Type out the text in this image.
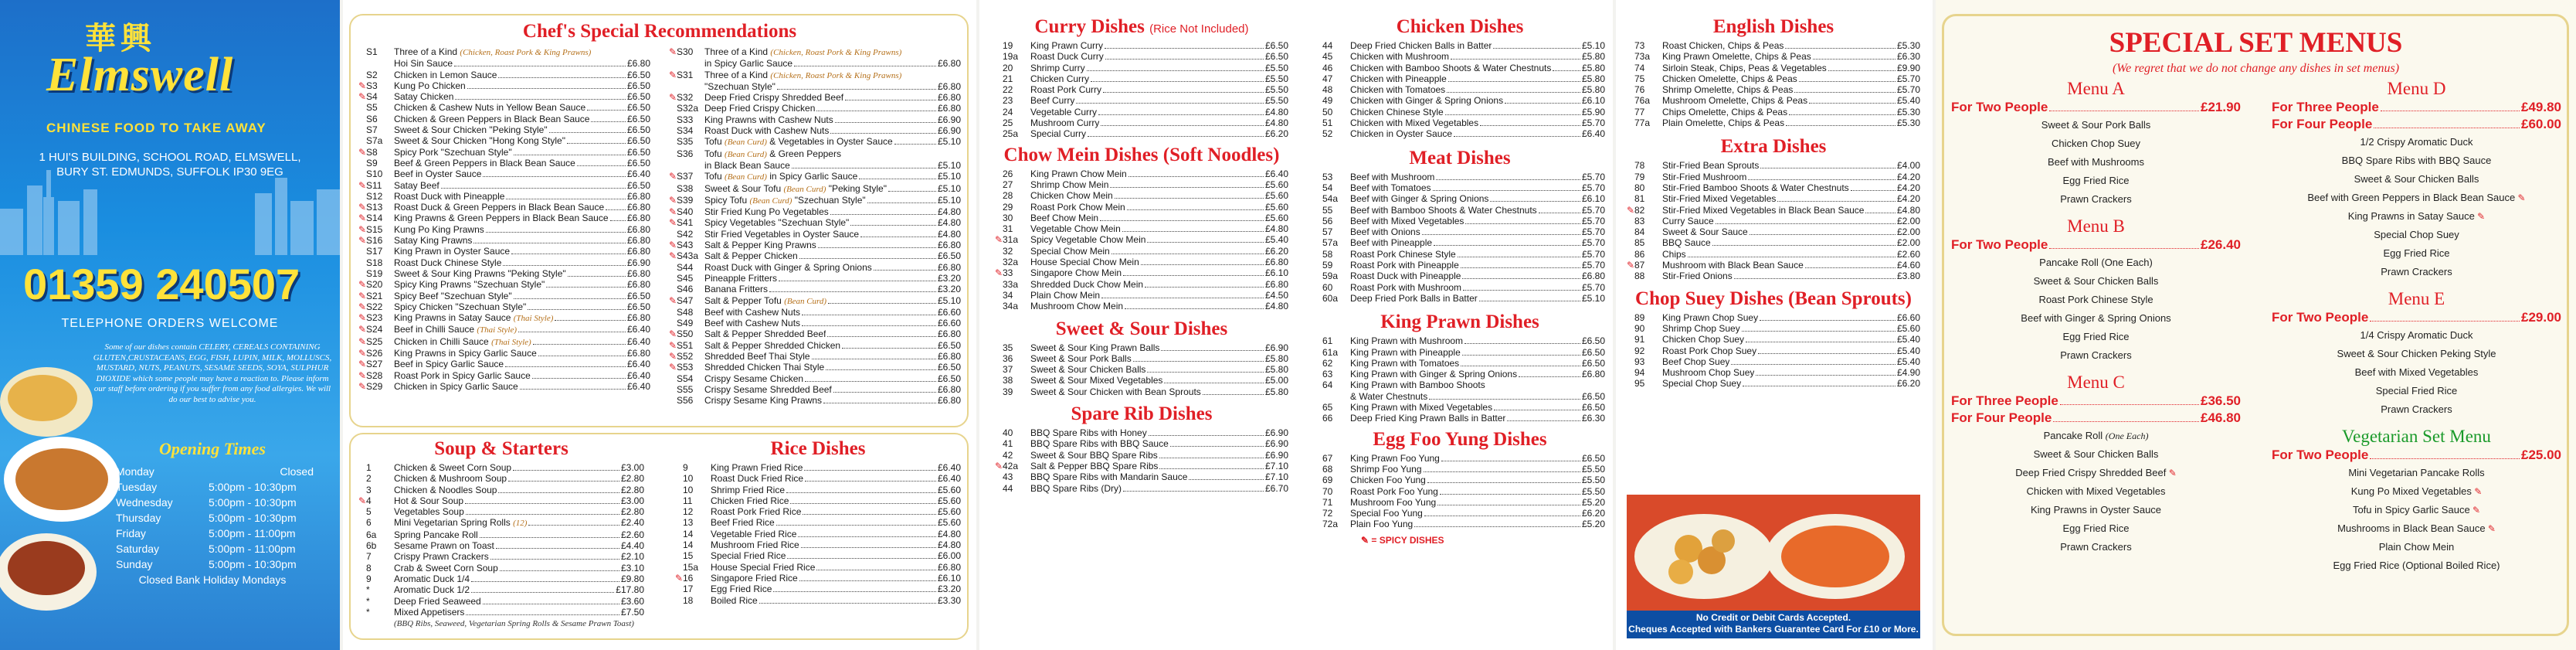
華興
Elmswell
CHINESE FOOD TO TAKE AWAY
1 HUI'S BUILDING, SCHOOL ROAD, ELMSWELL,
BURY ST. EDMUNDS, SUFFOLK IP30 9EG
01359 240507
TELEPHONE ORDERS WELCOME
Some of our dishes contain CELERY, CEREALS CONTAINING GLUTEN,CRUSTACEANS, EGG, FISH, LUPIN, MILK, MOLLUSCS, MUSTARD, NUTS, PEANUTS, SESAME SEEDS, SOYA, SULPHUR DIOXIDE which some people may have a reaction to. Please inform our staff before ordering if you suffer from any food allergies. We will do our best to advise you.
Opening Times
Monday	Closed
Tuesday	5:00pm - 10:30pm
Wednesday	5:00pm - 10:30pm
Thursday	5:00pm - 10:30pm
Friday	5:00pm - 11:00pm
Saturday	5:00pm - 11:00pm
Sunday	5:00pm - 10:30pm
Closed Bank Holiday Mondays
Chef's Special Recommendations
S1	Three of a Kind (Chicken, Roast Pork & King Prawns)
Hoi Sin Sauce	£6.80
S2	Chicken in Lemon Sauce	£6.50
✎ S3	Kung Po Chicken	£6.50
✎ S4	Satay Chicken	£6.50
S5	Chicken & Cashew Nuts in Yellow Bean Sauce	£6.50
S6	Chicken & Green Peppers in Black Bean Sauce	£6.50
S7	Sweet & Sour Chicken "Peking Style"	£6.50
S7a	Sweet & Sour Chicken "Hong Kong Style"	£6.50
✎ S8	Spicy Pork "Szechuan Style"	£6.50
S9	Beef & Green Peppers in Black Bean Sauce	£6.50
S10	Beef in Oyster Sauce	£6.40
✎ S11	Satay Beef	£6.50
S12	Roast Duck with Pineapple	£6.80
✎ S13	Roast Duck & Green Peppers in Black Bean Sauce £6.80
✎ S14	King Prawns & Green Peppers in Black Bean Sauce £6.80
✎ S15	Kung Po King Prawns	£6.80
✎ S16	Satay King Prawns	£6.80
S17	King Prawn in Oyster Sauce	£6.80
S18	Roast Duck Chinese Style	£6.90
S19	Sweet & Sour King Prawns "Peking Style"	£6.80
✎ S20	Spicy King Prawns "Szechuan Style"	£6.80
✎ S21	Spicy Beef "Szechuan Style"	£6.50
✎ S22	Spicy Chicken "Szechuan Style"	£6.50
✎ S23	King Prawns in Satay Sauce (Thai Style)	£6.80
✎ S24	Beef in Chilli Sauce (Thai Style)	£6.40
✎ S25	Chicken in Chilli Sauce (Thai Style)	£6.40
✎ S26	King Prawns in Spicy Garlic Sauce	£6.80
✎ S27	Beef in Spicy Garlic Sauce	£6.40
✎ S28	Roast Pork in Spicy Garlic Sauce	£6.40
✎ S29	Chicken in Spicy Garlic Sauce	£6.40
✎ S30	Three of a Kind (Chicken, Roast Pork & King Prawns)
in Spicy Garlic Sauce	£6.80
✎ S31	Three of a Kind (Chicken, Roast Pork & King Prawns)
"Szechuan Style"	£6.80
✎ S32	Deep Fried Crispy Shredded Beef	£6.80
S32a Deep Fried Crispy Chicken	£6.80
S33	King Prawns with Cashew Nuts	£6.90
S34	Roast Duck with Cashew Nuts	£6.90
S35	Tofu (Bean Curd) & Vegetables in Oyster Sauce	£5.10
S36	Tofu (Bean Curd) & Green Peppers
in Black Bean Sauce	£5.10
✎ S37	Tofu (Bean Curd) in Spicy Garlic Sauce	£5.10
S38	Sweet & Sour Tofu (Bean Curd) "Peking Style"	£5.10
✎ S39	Spicy Tofu (Bean Curd) "Szechuan Style"	£5.10
✎ S40	Stir Fried Kung Po Vegetables	£4.80
✎ S41	Spicy Vegetables "Szechuan Style"	£4.80
S42	Stir Fried Vegetables in Oyster Sauce	£4.80
✎ S43	Salt & Pepper King Prawns	£6.80
✎ S43a Salt & Pepper Chicken	£6.50
S44	Roast Duck with Ginger & Spring Onions	£6.80
S45	Pineapple Fritters	£3.20
S46	Banana Fritters	£3.20
✎ S47	Salt & Pepper Tofu (Bean Curd)	£5.10
S48	Beef with Cashew Nuts	£6.60
S49	Beef with Cashew Nuts	£6.60
✎ S50	Salt & Pepper Shredded Beef	£6.80
✎ S51	Salt & Pepper Shredded Chicken	£6.50
✎ S52	Shredded Beef Thai Style	£6.80
✎ S53	Shredded Chicken Thai Style	£6.50
S54	Crispy Sesame Chicken	£6.50
S55	Crispy Sesame Shredded Beef	£6.80
S56	Crispy Sesame King Prawns	£6.80
Soup & Starters
1	Chicken & Sweet Corn Soup	£3.00
2	Chicken & Mushroom Soup	£2.80
3	Chicken & Noodles Soup	£2.80
✎ 4	Hot & Sour Soup	£3.00
5	Vegetables Soup	£2.80
6	Mini Vegetarian Spring Rolls (12)	£2.40
6a	Spring Pancake Roll	£2.60
6b	Sesame Prawn on Toast	£4.40
7	Crispy Prawn Crackers	£2.10
8	Crab & Sweet Corn Soup	£3.10
9	Aromatic Duck 1/4	£9.80
*	Aromatic Duck 1/2	£17.80
*	Deep Fried Seaweed	£3.60
*	Mixed Appetisers	£7.50
(BBQ Ribs, Seaweed, Vegetarian Spring Rolls & Sesame Prawn Toast)
Rice Dishes
9	King Prawn Fried Rice	£6.40
10	Roast Duck Fried Rice	£6.40
10	Shrimp Fried Rice	£5.60
11	Chicken Fried Rice	£5.60
12	Roast Pork Fried Rice	£5.60
13	Beef Fried Rice	£5.60
14	Vegetable Fried Rice	£4.80
14	Mushroom Fried Rice	£4.80
15	Special Fried Rice	£6.00
15a	House Special Fried Rice	£6.80
✎ 16	Singapore Fried Rice	£6.10
17	Egg Fried Rice	£3.20
18	Boiled Rice	£3.30
Curry Dishes (Rice Not Included)
19	King Prawn Curry	£6.50
19a	Roast Duck Curry	£6.50
20	Shrimp Curry	£5.50
21	Chicken Curry	£5.50
22	Roast Pork Curry	£5.50
23	Beef Curry	£5.50
24	Vegetable Curry	£4.80
25	Mushroom Curry	£4.80
25a	Special Curry	£6.20
Chow Mein Dishes (Soft Noodles)
26	King Prawn Chow Mein	£6.40
27	Shrimp Chow Mein	£5.60
28	Chicken Chow Mein	£5.60
29	Roast Pork Chow Mein	£5.60
30	Beef Chow Mein	£5.60
31	Vegetable Chow Mein	£4.80
✎ 31a	Spicy Vegetable Chow Mein	£5.40
32	Special Chow Mein	£6.20
32a	House Special Chow Mein	£6.80
✎ 33	Singapore Chow Mein	£6.10
33a	Shredded Duck Chow Mein	£6.80
34	Plain Chow Mein	£4.50
34a	Mushroom Chow Mein	£4.80
Sweet & Sour Dishes
35	Sweet & Sour King Prawn Balls	£6.90
36	Sweet & Sour Pork Balls	£5.80
37	Sweet & Sour Chicken Balls	£5.80
38	Sweet & Sour Mixed Vegetables	£5.00
39	Sweet & Sour Chicken with Bean Sprouts	£5.80
Spare Rib Dishes
40	BBQ Spare Ribs with Honey	£6.90
41	BBQ Spare Ribs with BBQ Sauce	£6.90
42	Sweet & Sour BBQ Spare Ribs	£6.90
✎ 42a	Salt & Pepper BBQ Spare Ribs	£7.10
43	BBQ Spare Ribs with Mandarin Sauce	£7.10
44	BBQ Spare Ribs (Dry)	£6.70
Chicken Dishes
44	Deep Fried Chicken Balls in Batter	£5.10
45	Chicken with Mushroom	£5.80
46	Chicken with Bamboo Shoots & Water Chestnuts	£5.80
47	Chicken with Pineapple	£5.80
48	Chicken with Tomatoes	£5.80
49	Chicken with Ginger & Spring Onions	£6.10
50	Chicken Chinese Style	£5.90
51	Chicken with Mixed Vegetables	£5.70
52	Chicken in Oyster Sauce	£6.40
Meat Dishes
53	Beef with Mushroom	£5.70
54	Beef with Tomatoes	£5.70
54a	Beef with Ginger & Spring Onions	£6.10
55	Beef with Bamboo Shoots & Water Chestnuts	£5.70
56	Beef with Mixed Vegetables	£5.70
57	Beef with Onions	£5.70
57a	Beef with Pineapple	£5.70
58	Roast Pork Chinese Style	£5.70
59	Roast Pork with Pineapple	£5.70
59a	Roast Duck with Pineapple	£6.80
60	Roast Pork with Mushroom	£5.70
60a	Deep Fried Pork Balls in Batter	£5.10
King Prawn Dishes
61	King Prawn with Mushroom	£6.50
61a	King Prawn with Pineapple	£6.50
62	King Prawn with Tomatoes	£6.50
63	King Prawn with Ginger & Spring Onions	£6.80
64	King Prawn with Bamboo Shoots
& Water Chestnuts	£6.50
65	King Prawn with Mixed Vegetables	£6.50
66	Deep Fried King Prawn Balls in Batter	£6.30
Egg Foo Yung Dishes
67	King Prawn Foo Yung	£6.50
68	Shrimp Foo Yung	£5.50
69	Chicken Foo Yung	£5.50
70	Roast Pork Foo Yung	£5.50
71	Mushroom Foo Yung	£5.20
72	Special Foo Yung	£6.20
72a	Plain Foo Yung	£5.20
✎ = SPICY DISHES
English Dishes
73	Roast Chicken, Chips & Peas	£5.30
73a	King Prawn Omelette, Chips & Peas	£6.30
74	Sirloin Steak, Chips, Peas & Vegetables	£9.90
75	Chicken Omelette, Chips & Peas	£5.70
76	Shrimp Omelette, Chips & Peas	£5.70
76a	Mushroom Omelette, Chips & Peas	£5.40
77	Chips Omelette, Chips & Peas	£5.30
77a	Plain Omelette, Chips & Peas	£5.30
Extra Dishes
78	Stir-Fried Bean Sprouts	£4.00
79	Stir-Fried Mushroom	£4.20
80	Stir-Fried Bamboo Shoots & Water Chestnuts	£4.20
81	Stir-Fried Mixed Vegetables	£4.20
✎ 82	Stir-Fried Mixed Vegetables in Black Bean Sauce	£4.80
83	Curry Sauce	£2.00
84	Sweet & Sour Sauce	£2.00
85	BBQ Sauce	£2.00
86	Chips	£2.60
✎ 87	Mushroom with Black Bean Sauce	£4.60
88	Stir-Fried Onions	£3.80
Chop Suey Dishes (Bean Sprouts)
89	King Prawn Chop Suey	£6.60
90	Shrimp Chop Suey	£5.60
91	Chicken Chop Suey	£5.40
92	Roast Pork Chop Suey	£5.40
93	Beef Chop Suey	£5.40
94	Mushroom Chop Suey	£4.90
95	Special Chop Suey	£6.20
No Credit or Debit Cards Accepted.
Cheques Accepted with Bankers Guarantee Card For £10 or More.
SPECIAL SET MENUS
(We regret that we do not change any dishes in set menus)
Menu A
For Two People	£21.90
Sweet & Sour Pork Balls
Chicken Chop Suey
Beef with Mushrooms
Egg Fried Rice
Prawn Crackers
Menu B
For Two People	£26.40
Pancake Roll (One Each)
Sweet & Sour Chicken Balls
Roast Pork Chinese Style
Beef with Ginger & Spring Onions
Egg Fried Rice
Prawn Crackers
Menu C
For Three People	£36.50
For Four People	£46.80
Pancake Roll (One Each)
Sweet & Sour Chicken Balls
Deep Fried Crispy Shredded Beef ✎
Chicken with Mixed Vegetables
King Prawns in Oyster Sauce
Egg Fried Rice
Prawn Crackers
Menu D
For Three People	£49.80
For Four People	£60.00
1/2 Crispy Aromatic Duck
BBQ Spare Ribs with BBQ Sauce
Sweet & Sour Chicken Balls
Beef with Green Peppers in Black Bean Sauce ✎
King Prawns in Satay Sauce ✎
Special Chop Suey
Egg Fried Rice
Prawn Crackers
Menu E
For Two People	£29.00
1/4 Crispy Aromatic Duck
Sweet & Sour Chicken Peking Style
Beef with Mixed Vegetables
Special Fried Rice
Prawn Crackers
Vegetarian Set Menu
For Two People	£25.00
Mini Vegetarian Pancake Rolls
Kung Po Mixed Vegetables ✎
Tofu in Spicy Garlic Sauce ✎
Mushrooms in Black Bean Sauce ✎
Plain Chow Mein
Egg Fried Rice (Optional Boiled Rice)
